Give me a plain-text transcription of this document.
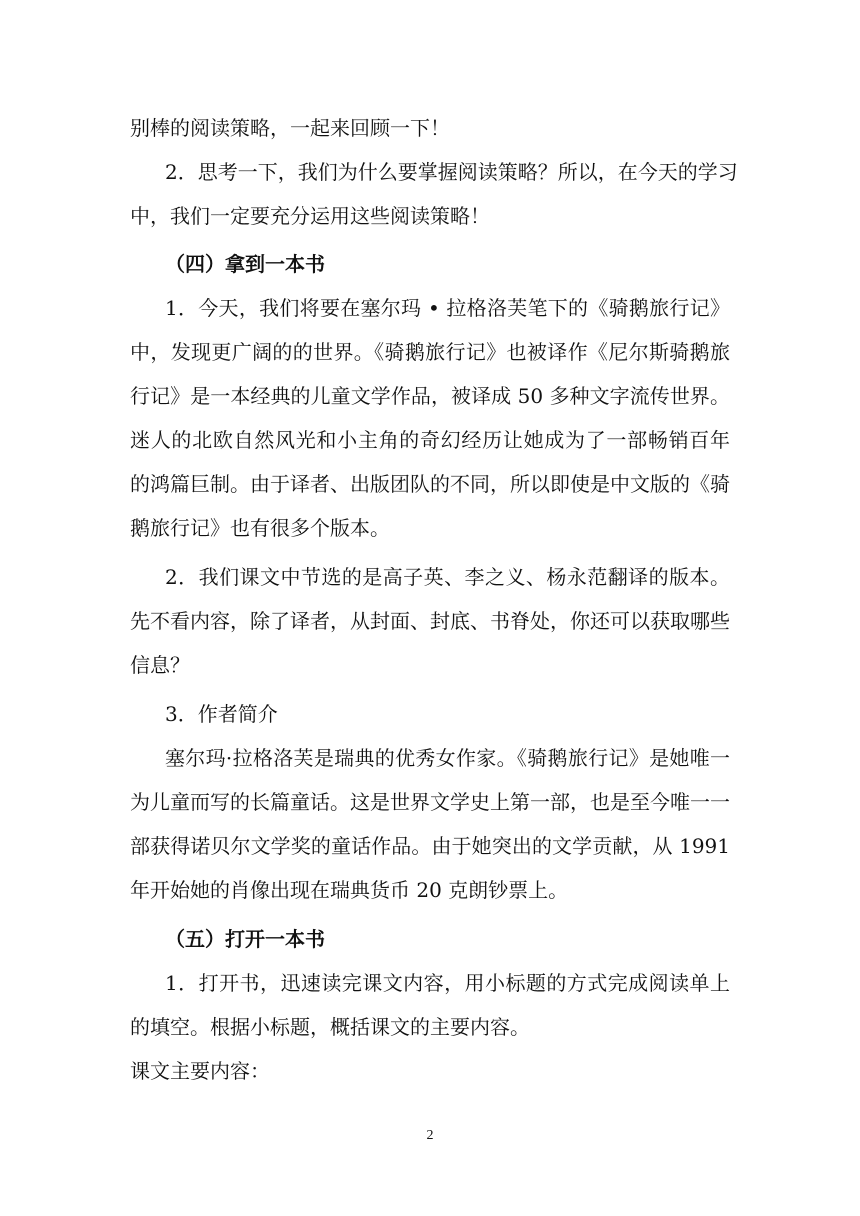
别棒的阅读策略，一起来回顾一下！
2．思考一下，我们为什么要掌握阅读策略？所以，在今天的学习
中，我们一定要充分运用这些阅读策略！
（四）拿到一本书
1．今天，我们将要在塞尔玛 • 拉格洛芙笔下的《骑鹅旅行记》
中，发现更广阔的的世界。《骑鹅旅行记》也被译作《尼尔斯骑鹅旅
行记》是一本经典的儿童文学作品，被译成 50 多种文字流传世界。
迷人的北欧自然风光和小主角的奇幻经历让她成为了一部畅销百年
的鸿篇巨制。由于译者、出版团队的不同，所以即使是中文版的《骑
鹅旅行记》也有很多个版本。
2．我们课文中节选的是高子英、李之义、杨永范翻译的版本。
先不看内容，除了译者，从封面、封底、书脊处，你还可以获取哪些
信息？
3．作者简介
塞尔玛·拉格洛芙是瑞典的优秀女作家。《骑鹅旅行记》是她唯一
为儿童而写的长篇童话。这是世界文学史上第一部，也是至今唯一一
部获得诺贝尔文学奖的童话作品。由于她突出的文学贡献，从 1991
年开始她的肖像出现在瑞典货币 20 克朗钞票上。
（五）打开一本书
1．打开书，迅速读完课文内容，用小标题的方式完成阅读单上
的填空。根据小标题，概括课文的主要内容。
课文主要内容：
2
